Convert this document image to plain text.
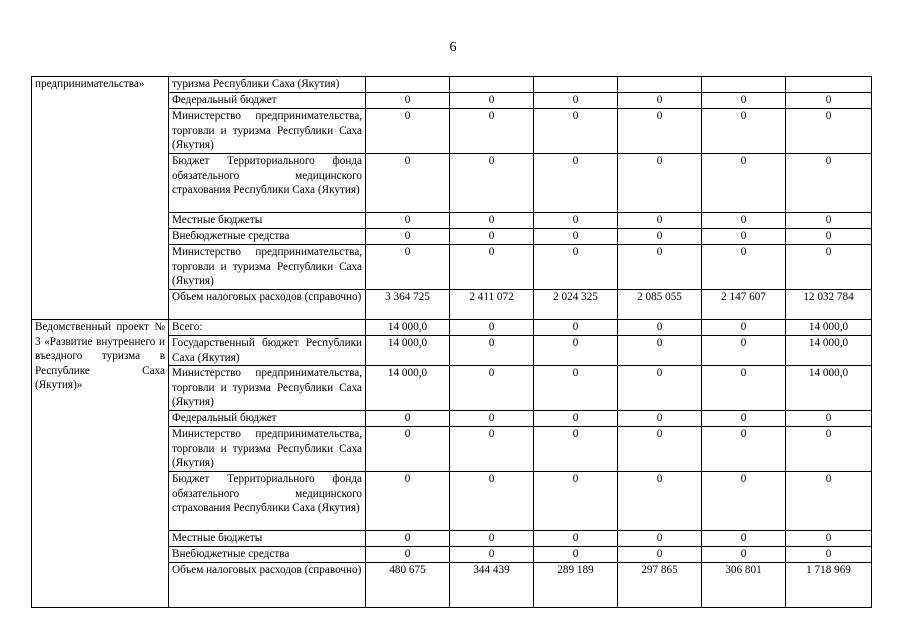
6
предпринимательства»	туризма Республики Саха (Якутия)						
	Федеральный бюджет	0	0	0	0	0	0
	Министерство предпринимательства, торговли и туризма Республики Саха (Якутия)	0	0	0	0	0	0
	Бюджет Территориального фонда обязательного медицинского страхования Республики Саха (Якутия)	0	0	0	0	0	0
	Местные бюджеты	0	0	0	0	0	0
	Внебюджетные средства	0	0	0	0	0	0
	Министерство предпринимательства, торговли и туризма Республики Саха (Якутия)	0	0	0	0	0	0
	Объем налоговых расходов (справочно)	3 364 725	2 411 072	2 024 325	2 085 055	2 147 607	12 032 784
Ведомственный проект № 3 «Развитие внутреннего и въездного туризма в Республике Саха (Якутия)»	Всего:	14 000,0	0	0	0	0	14 000,0
	Государственный бюджет Республики Саха (Якутия)	14 000,0	0	0	0	0	14 000,0
	Министерство предпринимательства, торговли и туризма Республики Саха (Якутия)	14 000,0	0	0	0	0	14 000,0
	Федеральный бюджет	0	0	0	0	0	0
	Министерство предпринимательства, торговли и туризма Республики Саха (Якутия)	0	0	0	0	0	0
	Бюджет Территориального фонда обязательного медицинского страхования Республики Саха (Якутия)	0	0	0	0	0	0
	Местные бюджеты	0	0	0	0	0	0
	Внебюджетные средства	0	0	0	0	0	0
	Объем налоговых расходов (справочно)	480 675	344 439	289 189	297 865	306 801	1 718 969
